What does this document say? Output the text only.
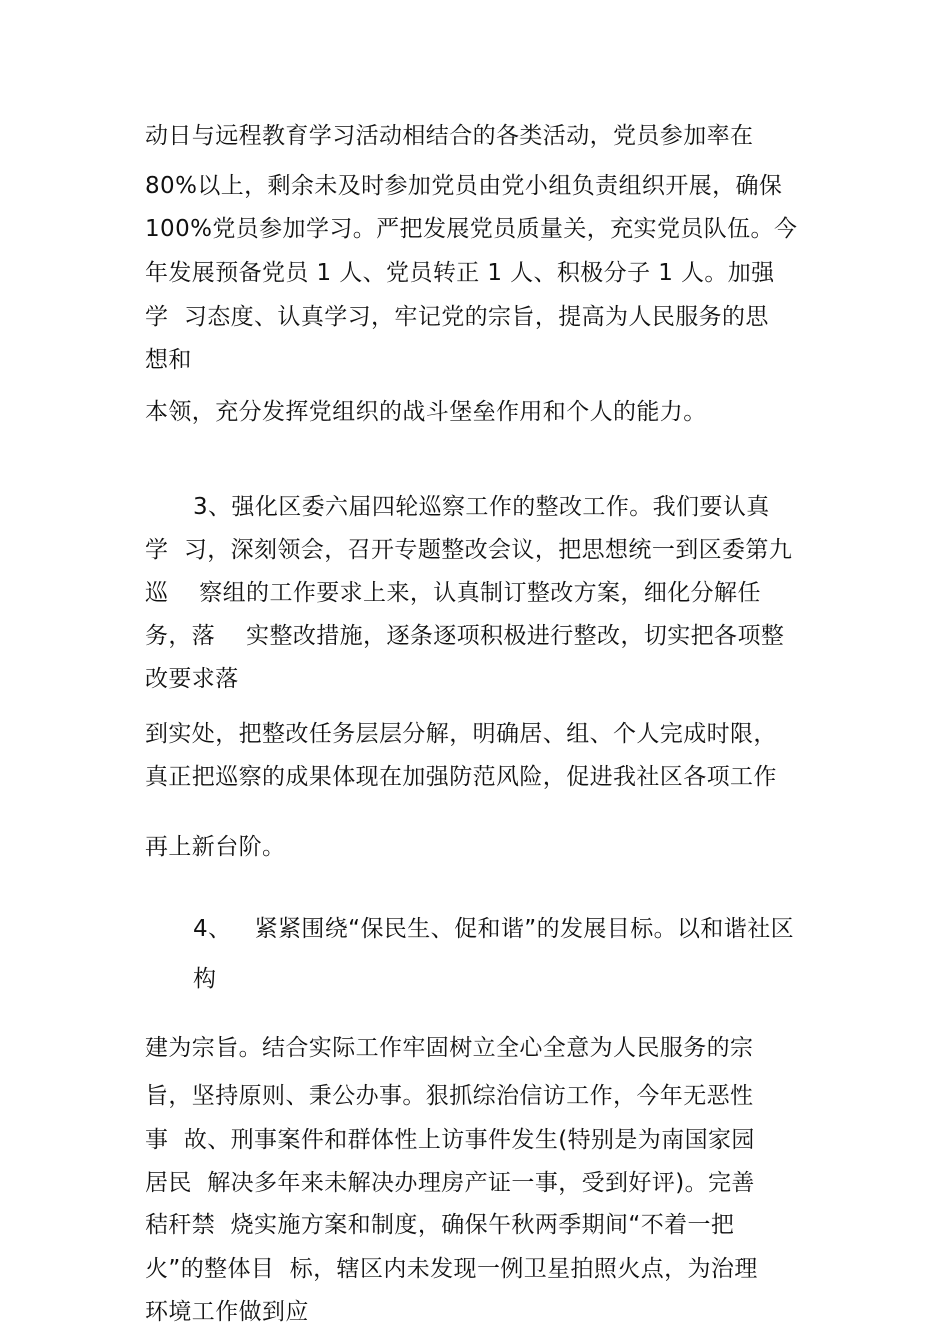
动日与远程教育学习活动相结合的各类活动，党员参加率在
80%以上，剩余未及时参加党员由党小组负责组织开展，确保
100%党员参加学习。严把发展党员质量关，充实党员队伍。今
年发展预备党员 1 人、党员转正 1 人、积极分子 1 人。加强
学  习态度、认真学习，牢记党的宗旨，提高为人民服务的思
想和
本领，充分发挥党组织的战斗堡垒作用和个人的能力。
3、强化区委六届四轮巡察工作的整改工作。我们要认真
学  习，深刻领会，召开专题整改会议，把思想统一到区委第九
巡    察组的工作要求上来，认真制订整改方案，细化分解任
务，落    实整改措施，逐条逐项积极进行整改，切实把各项整
改要求落
到实处，把整改任务层层分解，明确居、组、个人完成时限，
真正把巡察的成果体现在加强防范风险，促进我社区各项工作
再上新台阶。
4、   紧紧围绕“保民生、促和谐”的发展目标。以和谐社区
构
建为宗旨。结合实际工作牢固树立全心全意为人民服务的宗
旨，坚持原则、秉公办事。狠抓综治信访工作，今年无恶性
事  故、刑事案件和群体性上访事件发生(特别是为南国家园
居民  解决多年来未解决办理房产证一事，受到好评)。完善
秸秆禁  烧实施方案和制度，确保午秋两季期间“不着一把
火”的整体目  标，辖区内未发现一例卫星拍照火点，为治理
环境工作做到应
